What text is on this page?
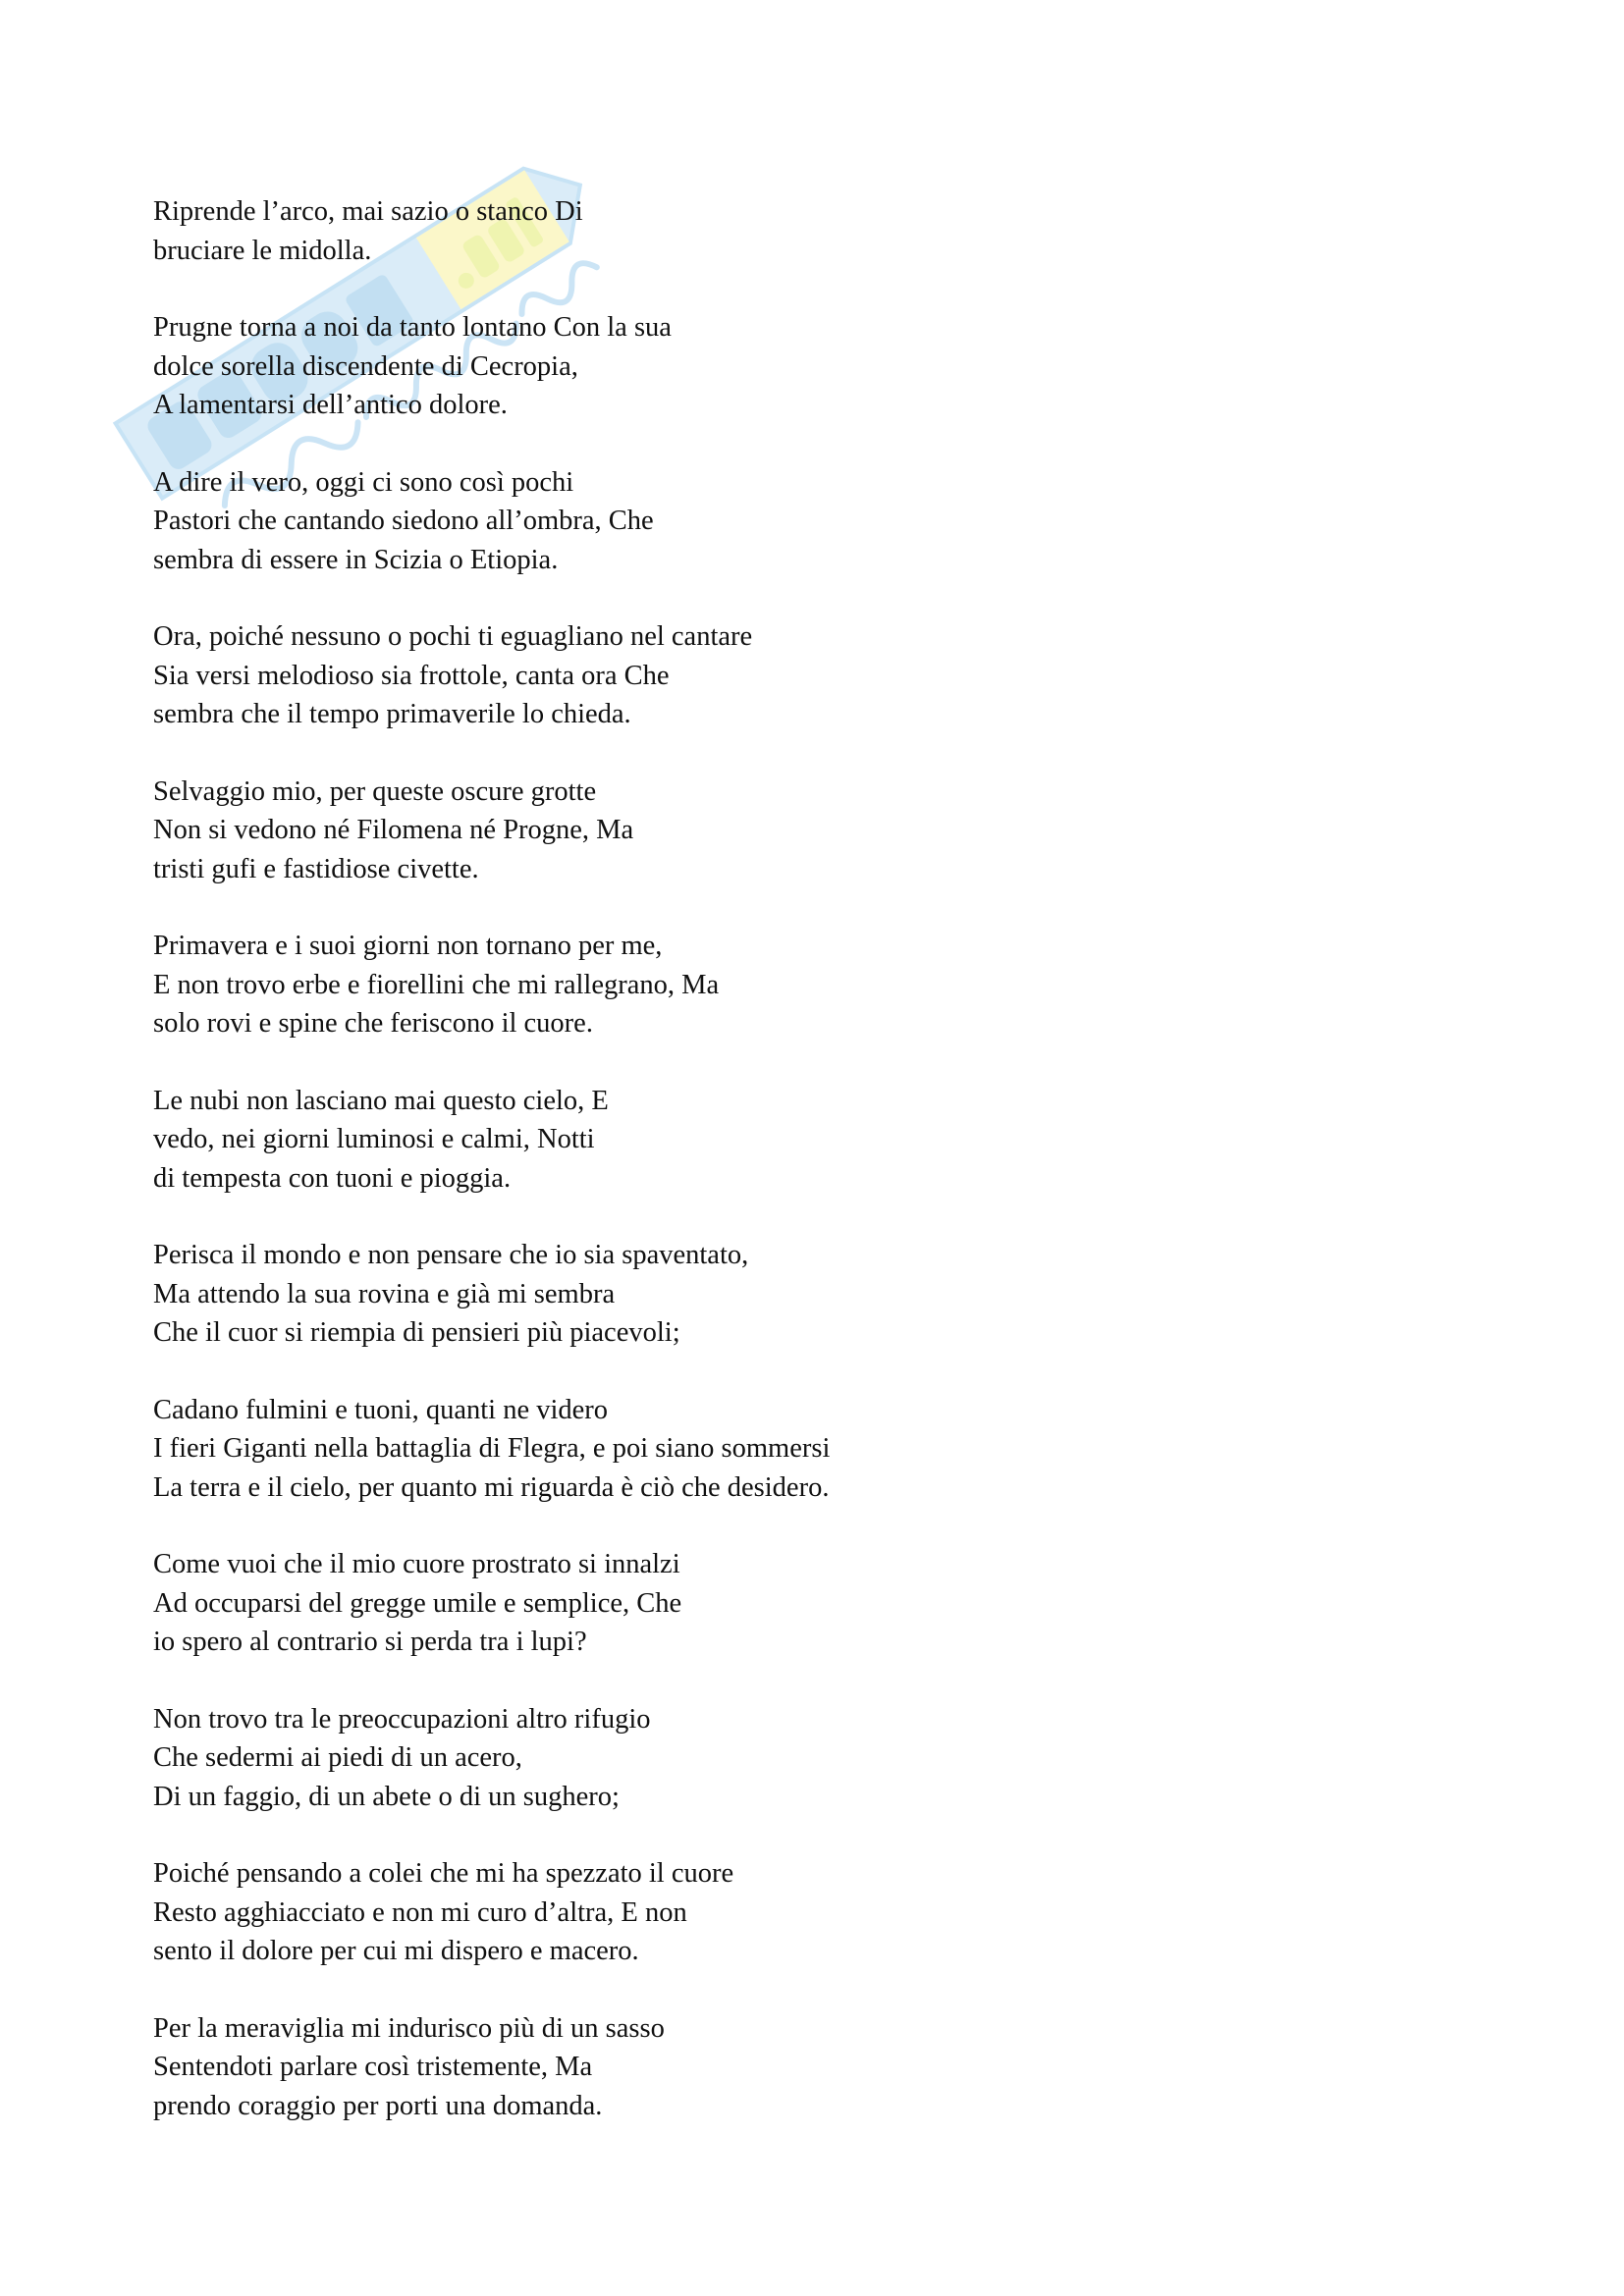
Riprende l’arco, mai sazio o stanco Di
bruciare le midolla.
Prugne torna a noi da tanto lontano Con la sua
dolce sorella discendente di Cecropia,
A lamentarsi dell’antico dolore.
A dire il vero, oggi ci sono così pochi
Pastori che cantando siedono all’ombra, Che
sembra di essere in Scizia o Etiopia.
Ora, poiché nessuno o pochi ti eguagliano nel cantare
Sia versi melodioso sia frottole, canta ora Che
sembra che il tempo primaverile lo chieda.
Selvaggio mio, per queste oscure grotte
Non si vedono né Filomena né Progne, Ma
tristi gufi e fastidiose civette.
Primavera e i suoi giorni non tornano per me,
E non trovo erbe e fiorellini che mi rallegrano, Ma
solo rovi e spine che feriscono il cuore.
Le nubi non lasciano mai questo cielo, E
vedo, nei giorni luminosi e calmi, Notti
di tempesta con tuoni e pioggia.
Perisca il mondo e non pensare che io sia spaventato,
Ma attendo la sua rovina e già mi sembra
Che il cuor si riempia di pensieri più piacevoli;
Cadano fulmini e tuoni, quanti ne videro
I fieri Giganti nella battaglia di Flegra, e poi siano sommersi
La terra e il cielo, per quanto mi riguarda è ciò che desidero.
Come vuoi che il mio cuore prostrato si innalzi
Ad occuparsi del gregge umile e semplice, Che
io spero al contrario si perda tra i lupi?
Non trovo tra le preoccupazioni altro rifugio
Che sedermi ai piedi di un acero,
Di un faggio, di un abete o di un sughero;
Poiché pensando a colei che mi ha spezzato il cuore
Resto agghiacciato e non mi curo d’altra, E non
sento il dolore per cui mi dispero e macero.
Per la meraviglia mi indurisco più di un sasso
Sentendoti parlare così tristemente, Ma
prendo coraggio per porti una domanda.
